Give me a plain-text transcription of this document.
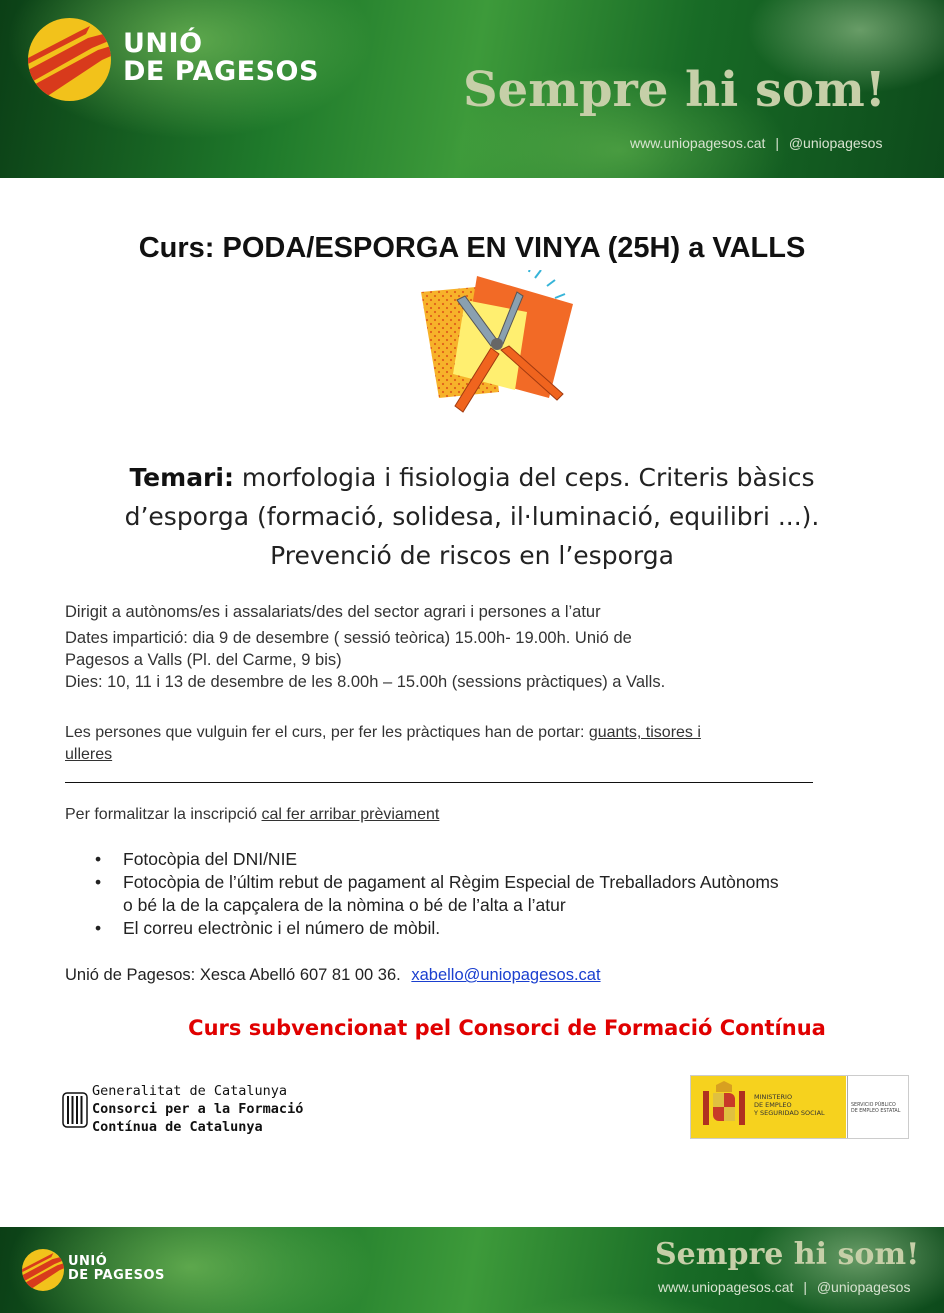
UNIÓ
DE PAGESOS	Sempre hi som!
www.uniopagesos.cat | @uniopagesos
Curs: PODA/ESPORGA EN VINYA (25H) a VALLS
Temari: morfologia i fisiologia del ceps. Criteris bàsics
d’esporga (formació, solidesa, il·luminació, equilibri ...).
Prevenció de riscos en l’esporga
Dirigit a autònoms/es i assalariats/des del sector agrari i persones a l’atur
Dates impartició: dia 9 de desembre ( sessió teòrica) 15.00h- 19.00h. Unió de
Pagesos a Valls (Pl. del Carme, 9 bis)
Dies: 10, 11 i 13 de desembre de les 8.00h – 15.00h (sessions pràctiques) a Valls.
Les persones que vulguin fer el curs, per fer les pràctiques han de portar: guants, tisores i
ulleres
Per formalitzar la inscripció cal fer arribar prèviament
• Fotocòpia del DNI/NIE
• Fotocòpia de l’últim rebut de pagament al Règim Especial de Treballadors Autònoms
o bé la de la capçalera de la nòmina o bé de l’alta a l’atur
• El correu electrònic i el número de mòbil.
Unió de Pagesos: Xesca Abelló 607 81 00 36. xabello@uniopagesos.cat
Curs subvencionat pel Consorci de Formació Contínua
Generalitat de Catalunya
Consorci per a la Formació
Contínua de Catalunya
MINISTERIO
DE EMPLEO
Y SEGURIDAD SOCIAL
SERVICIO PÚBLICO
DE EMPLEO ESTATAL
UNIÓ
DE PAGESOS
Sempre hi som!
www.uniopagesos.cat | @uniopagesos
